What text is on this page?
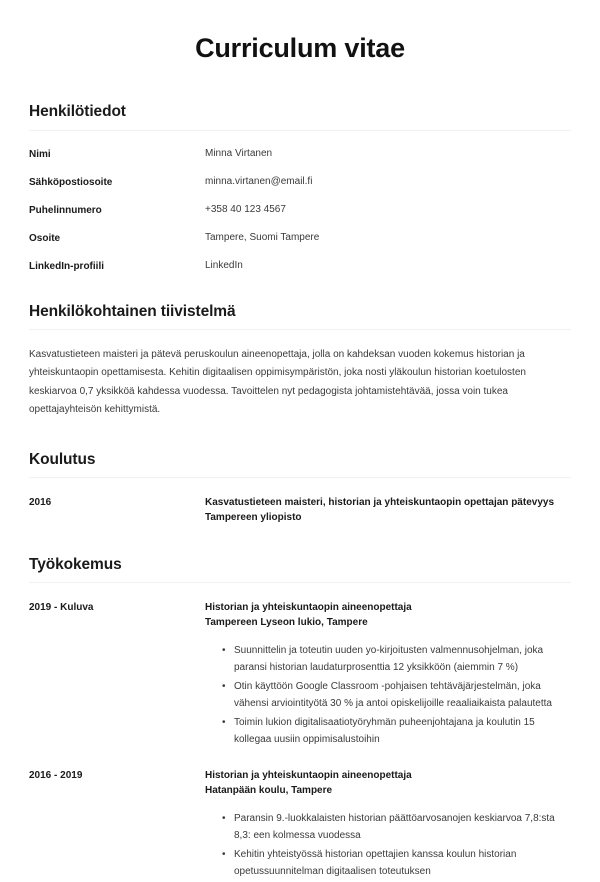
Curriculum vitae
Henkilötiedot
Nimi	Minna Virtanen
Sähköpostiosoite	minna.virtanen@email.fi
Puhelinnumero	+358 40 123 4567
Osoite	Tampere, Suomi Tampere
LinkedIn-profiili	LinkedIn
Henkilökohtainen tiivistelmä

Kasvatustieteen maisteri ja pätevä peruskoulun aineenopettaja, jolla on kahdeksan vuoden kokemus historian ja yhteiskuntaopin opettamisesta. Kehitin digitaalisen oppimisympäristön, joka nosti yläkoulun historian koetulosten keskiarvoa 0,7 yksikköä kahdessa vuodessa. Tavoittelen nyt pedagogista johtamistehtävää, jossa voin tukea opettajayhteisön kehittymistä.

Koulutus
2016	Kasvatustieteen maisteri, historian ja yhteiskuntaopin opettajan pätevyys
Tampereen yliopisto
Työkokemus
2019 - Kuluva	Historian ja yhteiskuntaopin aineenopettaja
Tampereen Lyseon lukio, Tampere
• Suunnittelin ja toteutin uuden yo-kirjoitusten valmennusohjelman, joka paransi historian laudaturprosenttia 12 yksikköön (aiemmin 7 %)
• Otin käyttöön Google Classroom -pohjaisen tehtäväjärjestelmän, joka vähensi arviointityötä 30 % ja antoi opiskelijoille reaaliaikaista palautetta
• Toimin lukion digitalisaatiotyöryhmän puheenjohtajana ja koulutin 15 kollegaa uusiin oppimisalustoihin
2016 - 2019	Historian ja yhteiskuntaopin aineenopettaja
Hatanpään koulu, Tampere
• Paransin 9.-luokkalaisten historian päättöarvosanojen keskiarvoa 7,8:sta 8,3: een kolmessa vuodessa
• Kehitin yhteistyössä historian opettajien kanssa koulun historian opetussuunnitelman digitaalisen toteutuksen
